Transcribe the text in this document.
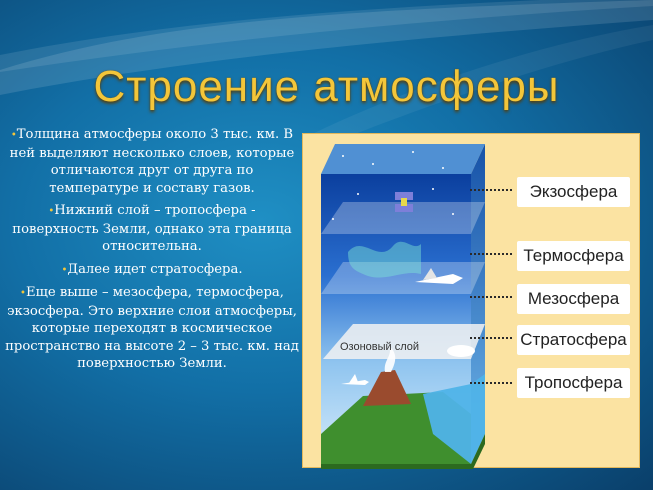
Строение атмосферы

•Толщина атмосферы около 3 тыс. км. В ней выделяют несколько слоев, которые отличаются друг от друга по температуре и составу газов.

•Нижний слой – тропосфера - поверхность Земли, однако эта граница относительна.

•Далее идет стратосфера.

•Еще выше – мезосфера, термосфера, экзосфера. Это верхние слои атмосферы, которые переходят в космическое пространство на высоте 2 – 3 тыс. км. над поверхностью Земли.

Озоновый слой
Экзосфера
Термосфера
Мезосфера
Стратосфера
Тропосфера
